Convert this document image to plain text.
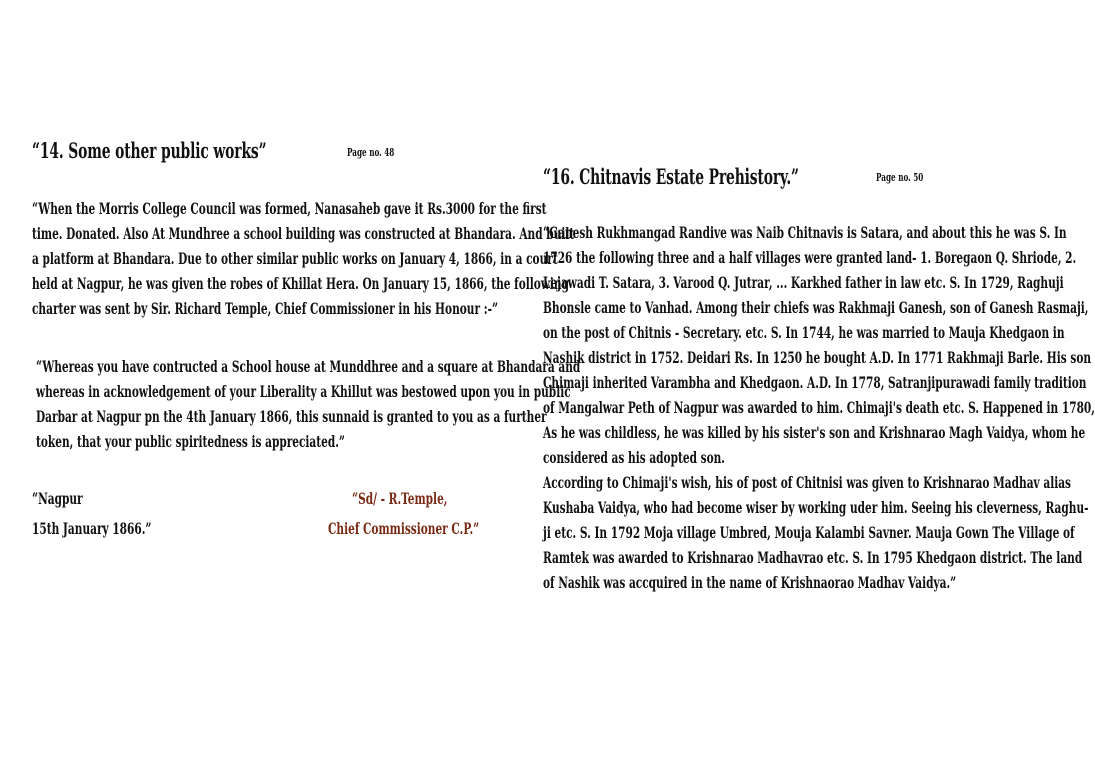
“14. Some other public works”	Page no. 48
“When the Morris College Council was formed, Nanasaheb gave it Rs.3000 for the first
time. Donated. Also At Mundhree a school building was constructed at Bhandara. And built
a platform at Bhandara. Due to other similar public works on January 4, 1866, in a court
held at Nagpur, he was given the robes of Khillat Hera. On January 15, 1866, the following
charter was sent by Sir. Richard Temple, Chief Commissioner in his Honour :-”
“Whereas you have contructed a School house at Munddhree and a square at Bhandara and
whereas in acknowledgement of your Liberality a Khillut was bestowed upon you in public
Darbar at Nagpur pn the 4th January 1866, this sunnaid is granted to you as a further
token, that your public spiritedness is appreciated.”
“Nagpur
15th January 1866.”
“Sd/ - R.Temple,
Chief Commissioner C.P.”
“16. Chitnavis Estate Prehistory.”	Page no. 50
“Ganesh Rukhmangad Randive was Naib Chitnavis is Satara, and about this he was S. In
1726 the following three and a half villages were granted land- 1. Boregaon Q. Shriode, 2.
Lejawadi T. Satara, 3. Varood Q. Jutrar, ... Karkhed father in law etc. S. In 1729, Raghuji
Bhonsle came to Vanhad. Among their chiefs was Rakhmaji Ganesh, son of Ganesh Rasmaji,
on the post of Chitnis - Secretary. etc. S. In 1744, he was married to Mauja Khedgaon in
Nashik district in 1752. Deidari Rs. In 1250 he bought A.D. In 1771 Rakhmaji Barle. His son
Chimaji inherited Varambha and Khedgaon. A.D. In 1778, Satranjipurawadi family tradition
of Mangalwar Peth of Nagpur was awarded to him. Chimaji's death etc. S. Happened in 1780,
As he was childless, he was killed by his sister's son and Krishnarao Magh Vaidya, whom he
considered as his adopted son.
According to Chimaji's wish, his of post of Chitnisi was given to Krishnarao Madhav alias
Kushaba Vaidya, who had become wiser by working uder him. Seeing his cleverness, Raghu-
ji etc. S. In 1792 Moja village Umbred, Mouja Kalambi Savner. Mauja Gown The Village of
Ramtek was awarded to Krishnarao Madhavrao etc. S. In 1795 Khedgaon district. The land
of Nashik was accquired in the name of Krishnaorao Madhav Vaidya.”
